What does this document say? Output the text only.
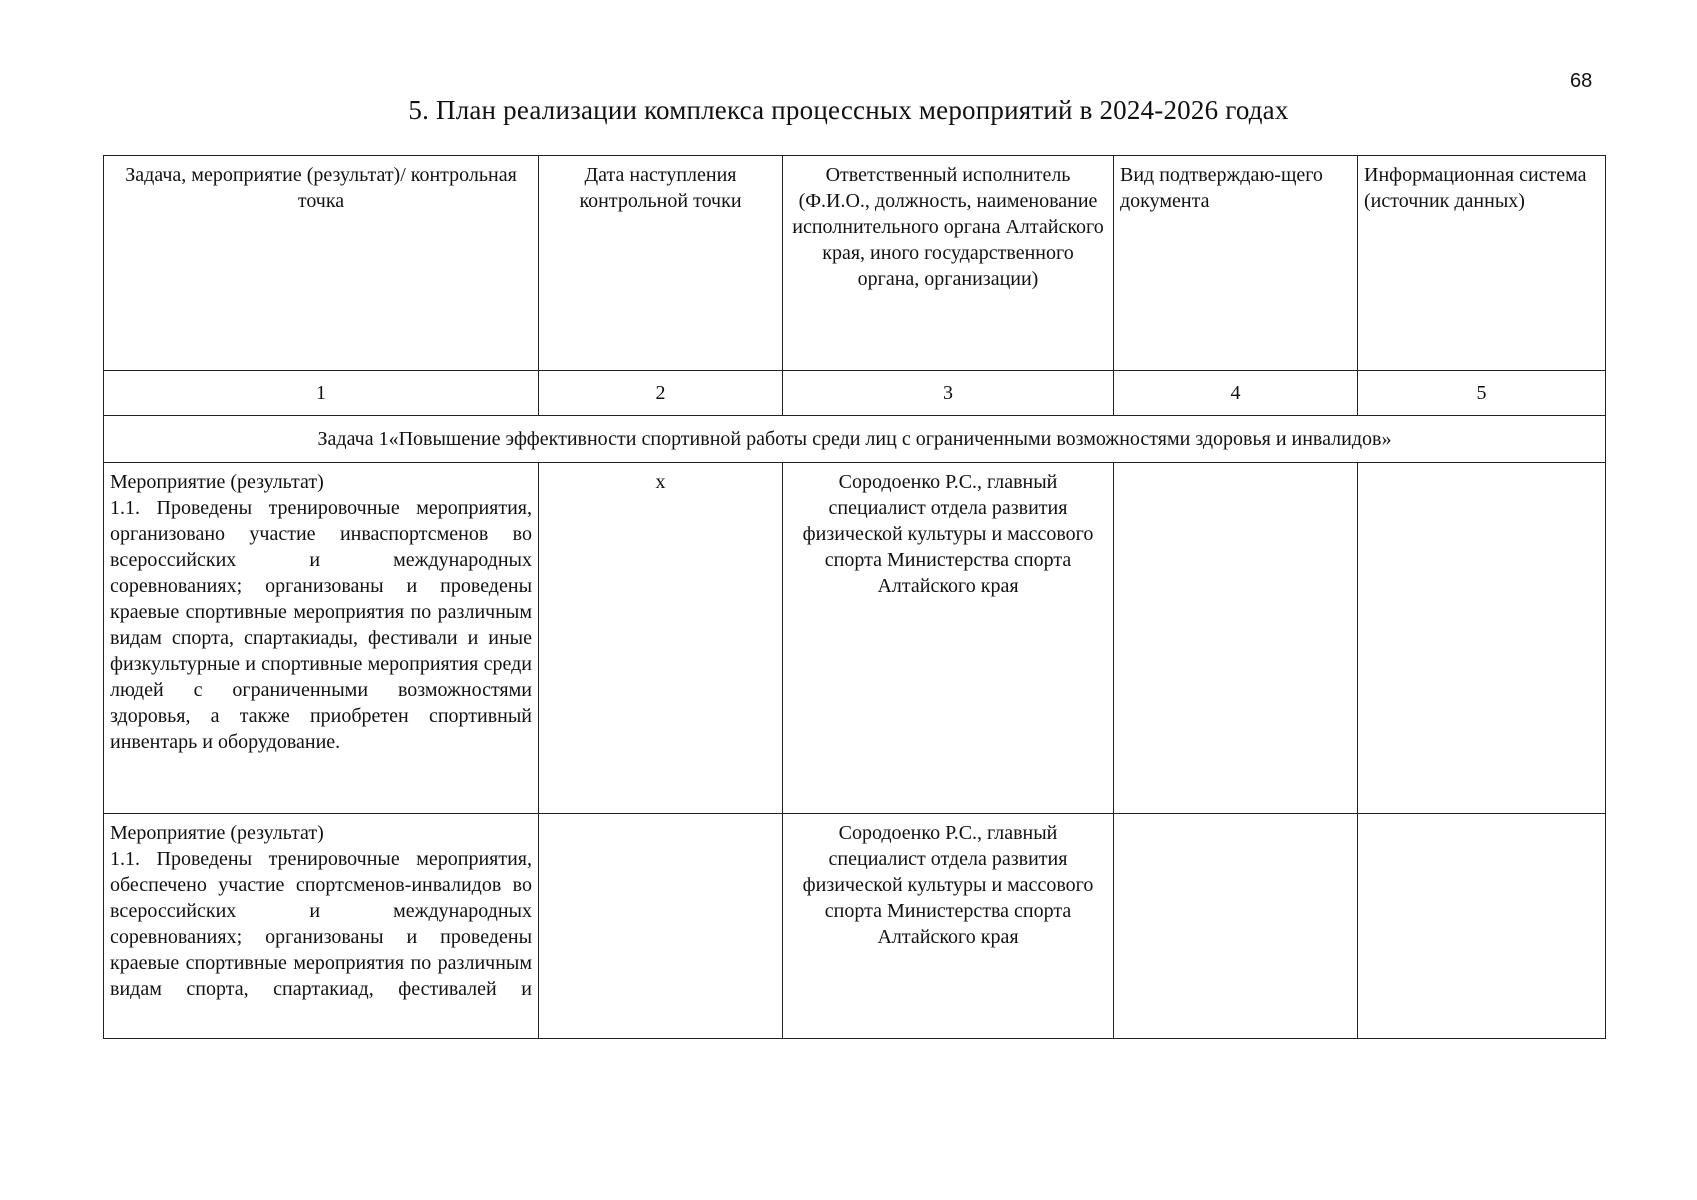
68
5. План реализации комплекса процессных мероприятий в 2024-2026 годах
Задача, мероприятие (результат)/ контрольная точка	Дата наступления контрольной точки	Ответственный исполнитель (Ф.И.О., должность, наименование исполнительного органа Алтайского края, иного государственного органа, организации)	Вид подтверждаю-щего документа	Информационная система (источник данных)
1	2	3	4	5
Задача 1«Повышение эффективности спортивной работы среди лиц с ограниченными возможностями здоровья и инвалидов»				

Мероприятие (результат)
1.1. Проведены тренировочные мероприятия, организовано участие инваспортсменов во всероссийских и международных соревнованиях; организованы и проведены краевые спортивные мероприятия по различным видам спорта, спартакиады, фестивали и иные физкультурные и спортивные мероприятия среди людей с ограниченными возможностями здоровья, а также приобретен спортивный инвентарь и оборудование.	х	Сородоенко Р.С., главный специалист отдела развития физической культуры и массового спорта Министерства спорта Алтайского края		

Мероприятие (результат)
1.1. Проведены тренировочные мероприятия, обеспечено участие спортсменов-инвалидов во всероссийских и международных соревнованиях; организованы и проведены краевые спортивные мероприятия по различным видам спорта, спартакиад, фестивалей и		Сородоенко Р.С., главный специалист отдела развития физической культуры и массового спорта Министерства спорта Алтайского края		
